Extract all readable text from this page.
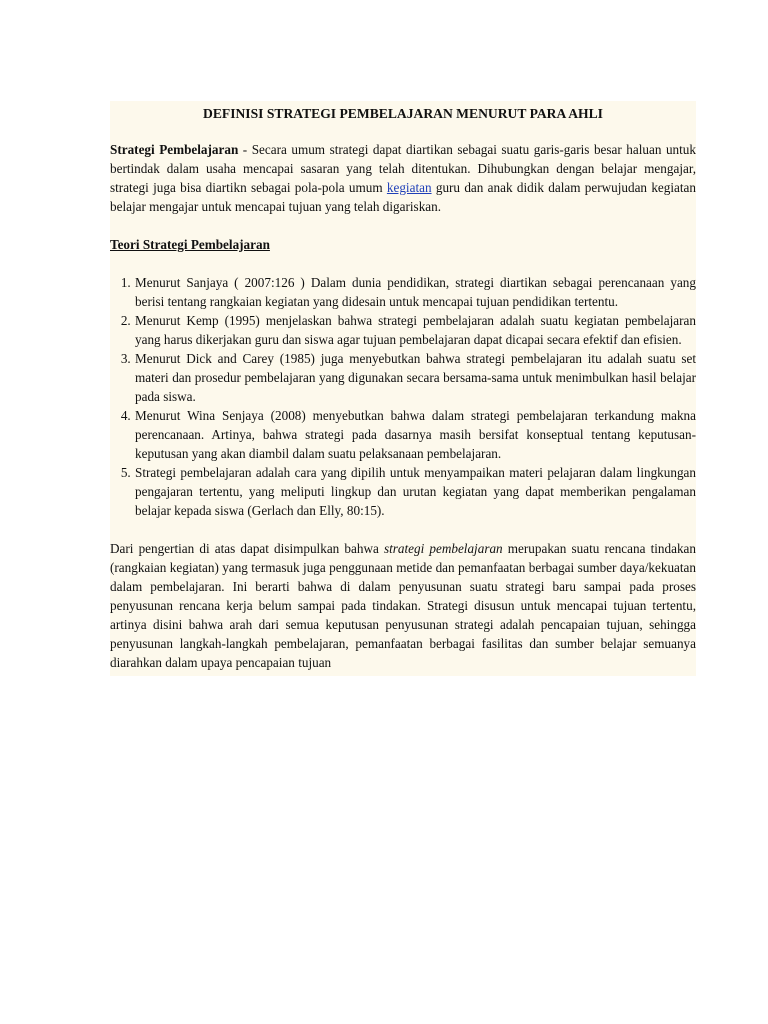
DEFINISI STRATEGI PEMBELAJARAN MENURUT PARA AHLI

Strategi Pembelajaran - Secara umum strategi dapat diartikan sebagai suatu garis-garis besar haluan untuk bertindak dalam usaha mencapai sasaran yang telah ditentukan. Dihubungkan dengan belajar mengajar, strategi juga bisa diartikn sebagai pola-pola umum kegiatan guru dan anak didik dalam perwujudan kegiatan belajar mengajar untuk mencapai tujuan yang telah digariskan.

Teori Strategi Pembelajaran
1. Menurut Sanjaya ( 2007:126 ) Dalam dunia pendidikan, strategi diartikan sebagai perencanaan yang berisi tentang rangkaian kegiatan yang didesain untuk mencapai tujuan pendidikan tertentu.
2. Menurut Kemp (1995) menjelaskan bahwa strategi pembelajaran adalah suatu kegiatan pembelajaran yang harus dikerjakan guru dan siswa agar tujuan pembelajaran dapat dicapai secara efektif dan efisien.
3. Menurut Dick and Carey (1985) juga menyebutkan bahwa strategi pembelajaran itu adalah suatu set materi dan prosedur pembelajaran yang digunakan secara bersama-sama untuk menimbulkan hasil belajar pada siswa.
4. Menurut Wina Senjaya (2008) menyebutkan bahwa dalam strategi pembelajaran terkandung makna perencanaan. Artinya, bahwa strategi pada dasarnya masih bersifat konseptual tentang keputusan-keputusan yang akan diambil dalam suatu pelaksanaan pembelajaran.
5. Strategi pembelajaran adalah cara yang dipilih untuk menyampaikan materi pelajaran dalam lingkungan pengajaran tertentu, yang meliputi lingkup dan urutan kegiatan yang dapat memberikan pengalaman belajar kepada siswa (Gerlach dan Elly, 80:15).

Dari pengertian di atas dapat disimpulkan bahwa strategi pembelajaran merupakan suatu rencana tindakan (rangkaian kegiatan) yang termasuk juga penggunaan metide dan pemanfaatan berbagai sumber daya/kekuatan dalam pembelajaran. Ini berarti bahwa di dalam penyusunan suatu strategi baru sampai pada proses penyusunan rencana kerja belum sampai pada tindakan. Strategi disusun untuk mencapai tujuan tertentu, artinya disini bahwa arah dari semua keputusan penyusunan strategi adalah pencapaian tujuan, sehingga penyusunan langkah-langkah pembelajaran, pemanfaatan berbagai fasilitas dan sumber belajar semuanya diarahkan dalam upaya pencapaian tujuan
